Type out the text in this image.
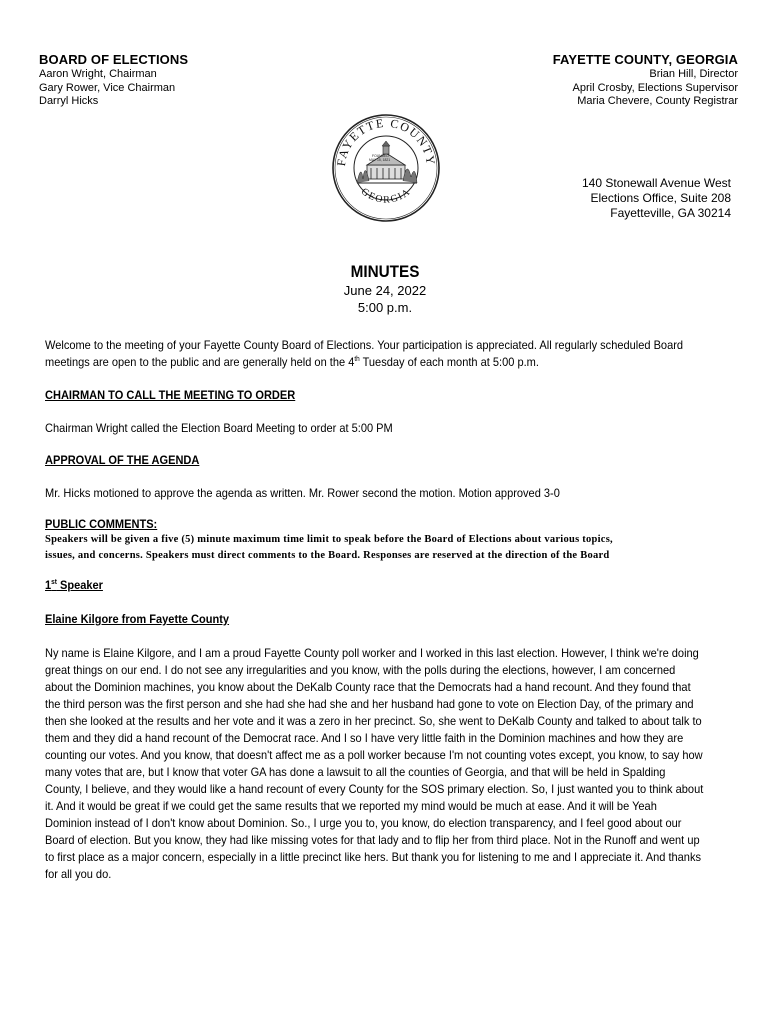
BOARD OF ELECTIONS
Aaron Wright, Chairman
Gary Rower, Vice Chairman
Darryl Hicks
FAYETTE COUNTY, GEORGIA
Brian Hill, Director
April Crosby, Elections Supervisor
Maria Chevere, County Registrar
FAYETTE COUNTY
GEORGIA
FOUNDED
MAY 15, 1821
140 Stonewall Avenue West
Elections Office, Suite 208
Fayetteville, GA 30214
MINUTES
June 24, 2022
5:00 p.m.

Welcome to the meeting of your Fayette County Board of Elections. Your participation is appreciated. All regularly scheduled Board

meetings are open to the public and are generally held on the 4th Tuesday of each month at 5:00 p.m.

CHAIRMAN TO CALL THE MEETING TO ORDER

Chairman Wright called the Election Board Meeting to order at 5:00 PM

APPROVAL OF THE AGENDA

Mr. Hicks motioned to approve the agenda as written. Mr. Rower second the motion. Motion approved 3-0

PUBLIC COMMENTS:

Speakers will be given a five (5) minute maximum time limit to speak before the Board of Elections about various topics,

issues, and concerns. Speakers must direct comments to the Board. Responses are reserved at the direction of the Board

1st Speaker

Elaine Kilgore from Fayette County

Ny name is Elaine Kilgore, and I am a proud Fayette County poll worker and I worked in this last election. However, I think we're doing

great things on our end. I do not see any irregularities and you know, with the polls during the elections, however, I am concerned

about the Dominion machines, you know about the DeKalb County race that the Democrats had a hand recount. And they found that

the third person was the first person and she had she had she and her husband had gone to vote on Election Day, of the primary and

then she looked at the results and her vote and it was a zero in her precinct. So, she went to DeKalb County and talked to about talk to

them and they did a hand recount of the Democrat race. And I so I have very little faith in the Dominion machines and how they are

counting our votes. And you know, that doesn't affect me as a poll worker because I'm not counting votes except, you know, to say how

many votes that are, but I know that voter GA has done a lawsuit to all the counties of Georgia, and that will be held in Spalding

County, I believe, and they would like a hand recount of every County for the SOS primary election. So, I just wanted you to think about

it. And it would be great if we could get the same results that we reported my mind would be much at ease. And it will be Yeah

Dominion instead of I don't know about Dominion. So., I urge you to, you know, do election transparency, and I feel good about our

Board of election. But you know, they had like missing votes for that lady and to flip her from third place. Not in the Runoff and went up

to first place as a major concern, especially in a little precinct like hers. But thank you for listening to me and I appreciate it. And thanks

for all you do.
